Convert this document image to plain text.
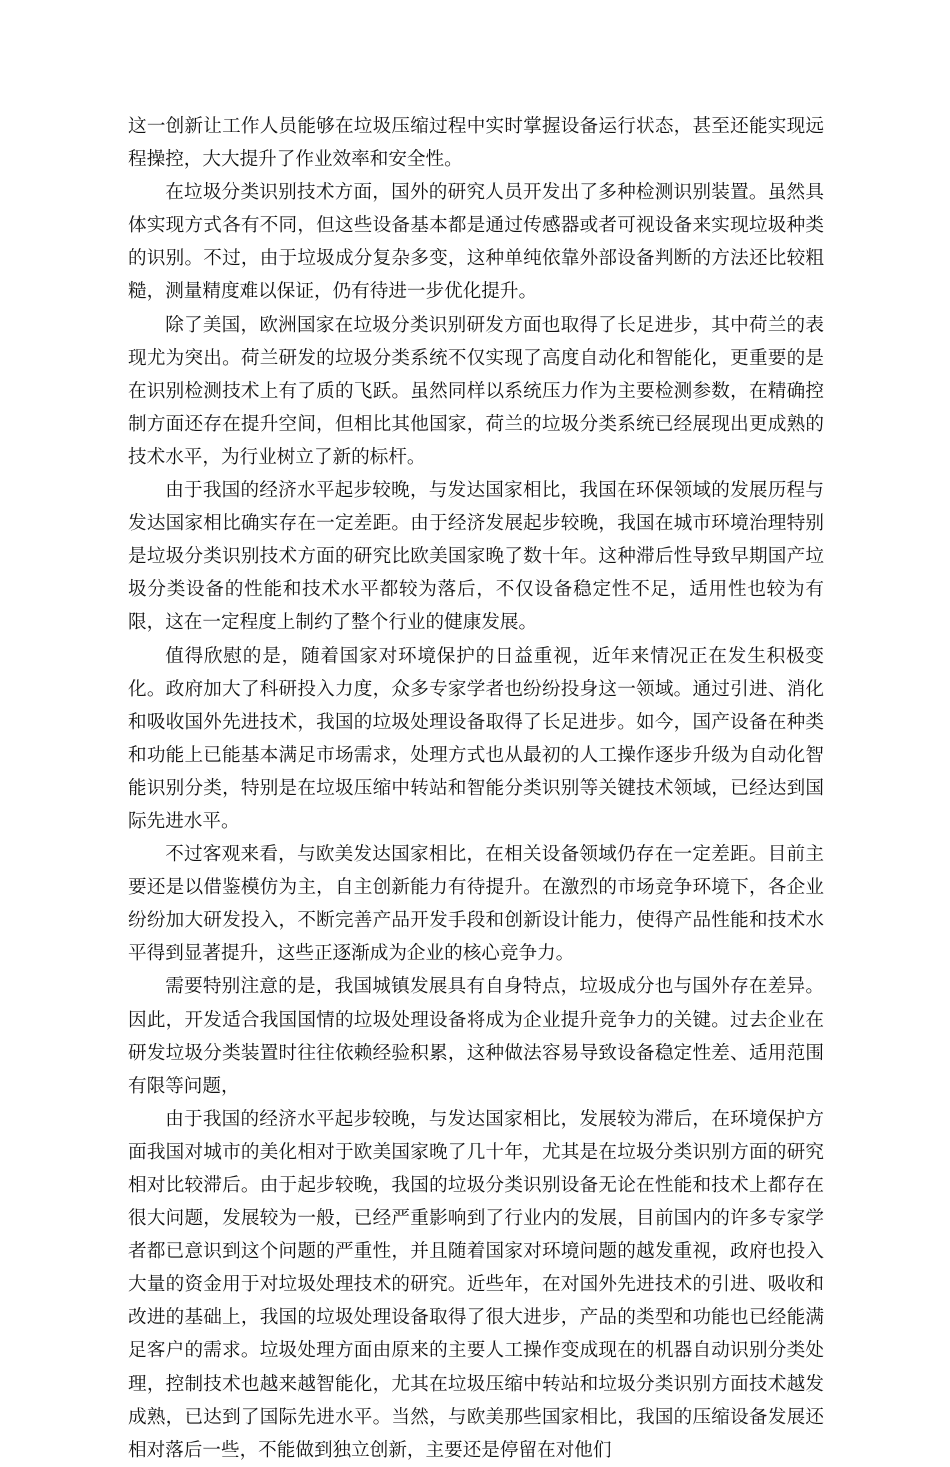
这一创新让工作人员能够在垃圾压缩过程中实时掌握设备运行状态，甚至还能实现远程操控，大大提升了作业效率和安全性。

在垃圾分类识别技术方面，国外的研究人员开发出了多种检测识别装置。虽然具体实现方式各有不同，但这些设备基本都是通过传感器或者可视设备来实现垃圾种类的识别。不过，由于垃圾成分复杂多变，这种单纯依靠外部设备判断的方法还比较粗糙，测量精度难以保证，仍有待进一步优化提升。

除了美国，欧洲国家在垃圾分类识别研发方面也取得了长足进步，其中荷兰的表现尤为突出。荷兰研发的垃圾分类系统不仅实现了高度自动化和智能化，更重要的是在识别检测技术上有了质的飞跃。虽然同样以系统压力作为主要检测参数，在精确控制方面还存在提升空间，但相比其他国家，荷兰的垃圾分类系统已经展现出更成熟的技术水平，为行业树立了新的标杆。

由于我国的经济水平起步较晚，与发达国家相比，我国在环保领域的发展历程与发达国家相比确实存在一定差距。由于经济发展起步较晚，我国在城市环境治理特别是垃圾分类识别技术方面的研究比欧美国家晚了数十年。这种滞后性导致早期国产垃圾分类设备的性能和技术水平都较为落后，不仅设备稳定性不足，适用性也较为有限，这在一定程度上制约了整个行业的健康发展。

值得欣慰的是，随着国家对环境保护的日益重视，近年来情况正在发生积极变化。政府加大了科研投入力度，众多专家学者也纷纷投身这一领域。通过引进、消化和吸收国外先进技术，我国的垃圾处理设备取得了长足进步。如今，国产设备在种类和功能上已能基本满足市场需求，处理方式也从最初的人工操作逐步升级为自动化智能识别分类，特别是在垃圾压缩中转站和智能分类识别等关键技术领域，已经达到国际先进水平。

不过客观来看，与欧美发达国家相比，在相关设备领域仍存在一定差距。目前主要还是以借鉴模仿为主，自主创新能力有待提升。在激烈的市场竞争环境下，各企业纷纷加大研发投入，不断完善产品开发手段和创新设计能力，使得产品性能和技术水平得到显著提升，这些正逐渐成为企业的核心竞争力。

需要特别注意的是，我国城镇发展具有自身特点，垃圾成分也与国外存在差异。因此，开发适合我国国情的垃圾处理设备将成为企业提升竞争力的关键。过去企业在研发垃圾分类装置时往往依赖经验积累，这种做法容易导致设备稳定性差、适用范围有限等问题，

由于我国的经济水平起步较晚，与发达国家相比，发展较为滞后，在环境保护方面我国对城市的美化相对于欧美国家晚了几十年，尤其是在垃圾分类识别方面的研究相对比较滞后。由于起步较晚，我国的垃圾分类识别设备无论在性能和技术上都存在很大问题，发展较为一般，已经严重影响到了行业内的发展，目前国内的许多专家学者都已意识到这个问题的严重性，并且随着国家对环境问题的越发重视，政府也投入大量的资金用于对垃圾处理技术的研究。近些年，在对国外先进技术的引进、吸收和改进的基础上，我国的垃圾处理设备取得了很大进步，产品的类型和功能也已经能满足客户的需求。垃圾处理方面由原来的主要人工操作变成现在的机器自动识别分类处理，控制技术也越来越智能化，尤其在垃圾压缩中转站和垃圾分类识别方面技术越发成熟，已达到了国际先进水平。当然，与欧美那些国家相比，我国的压缩设备发展还相对落后一些，不能做到独立创新，主要还是停留在对他们
